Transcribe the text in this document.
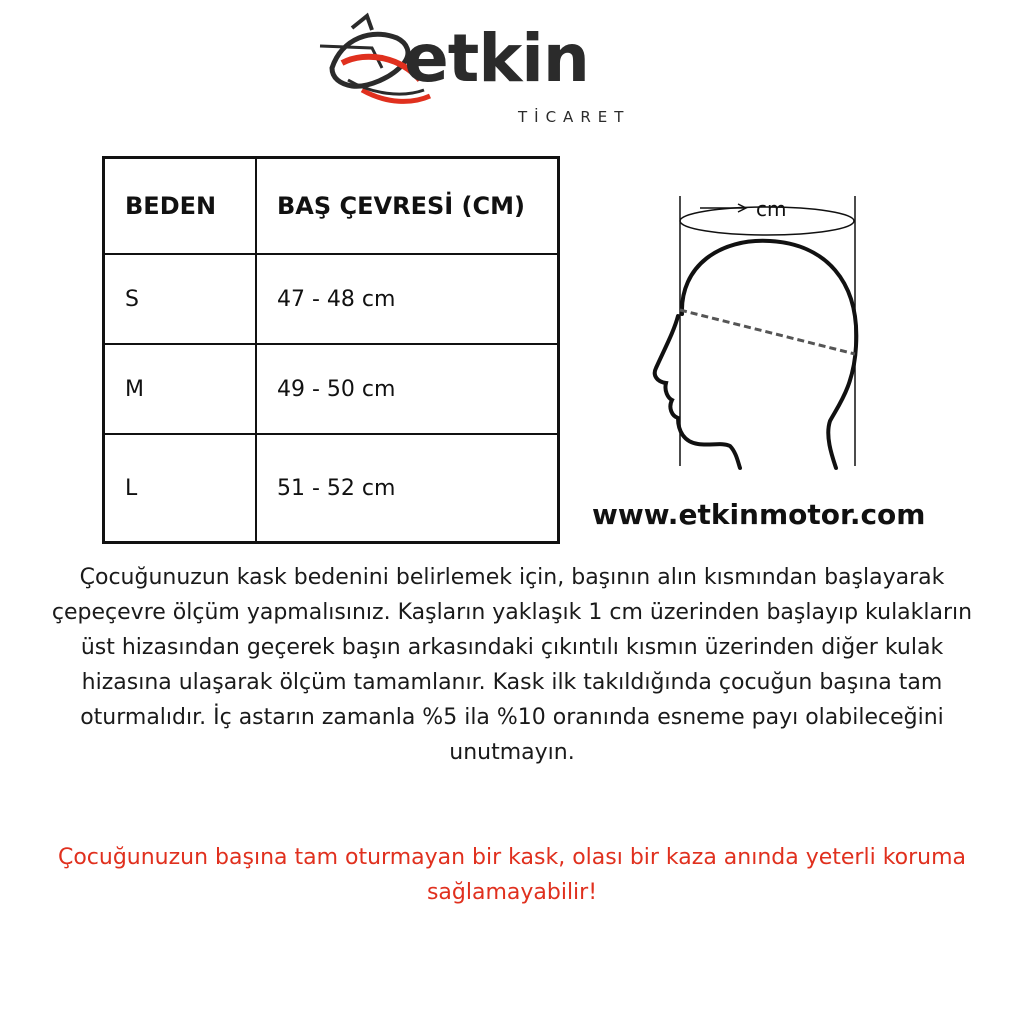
etkin
TİCARET
BEDEN	BAŞ ÇEVRESİ (CM)
S	47 - 48 cm
M	49 - 50 cm
L	51 - 52 cm
cm
www.etkinmotor.com
Çocuğunuzun kask bedenini belirlemek için, başının alın kısmından başlayarak çepeçevre ölçüm yapmalısınız. Kaşların yaklaşık 1 cm üzerinden başlayıp kulakların üst hizasından geçerek başın arkasındaki çıkıntılı kısmın üzerinden diğer kulak hizasına ulaşarak ölçüm tamamlanır. Kask ilk takıldığında çocuğun başına tam oturmalıdır. İç astarın zamanla %5 ila %10 oranında esneme payı olabileceğini unutmayın.
Çocuğunuzun başına tam oturmayan bir kask, olası bir kaza anında yeterli koruma sağlamayabilir!
